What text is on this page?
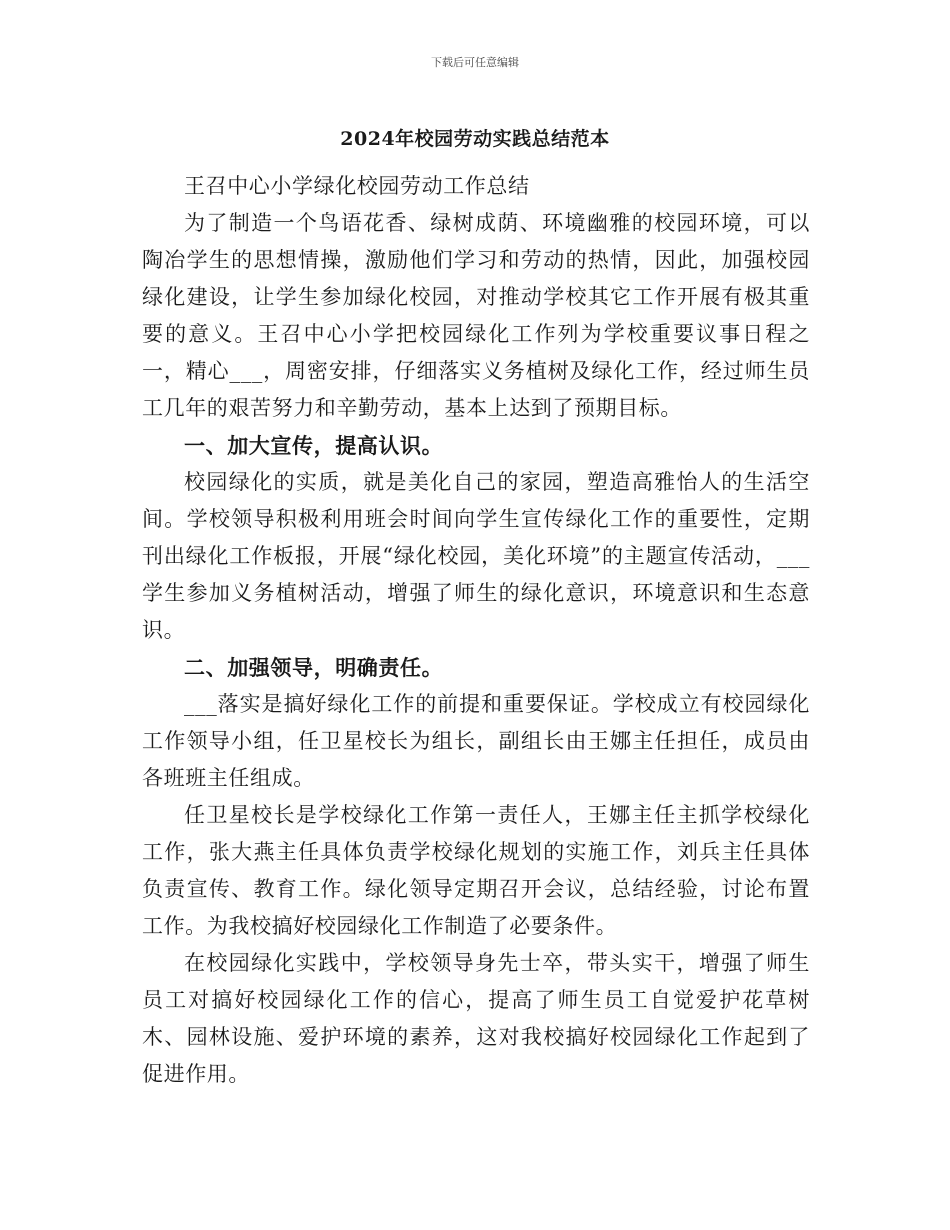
下载后可任意编辑
2024年校园劳动实践总结范本

王召中心小学绿化校园劳动工作总结

为了制造一个鸟语花香、绿树成荫、环境幽雅的校园环境，可以陶冶学生的思想情操，激励他们学习和劳动的热情，因此，加强校园绿化建设，让学生参加绿化校园，对推动学校其它工作开展有极其重要的意义。王召中心小学把校园绿化工作列为学校重要议事日程之一，精心___，周密安排，仔细落实义务植树及绿化工作，经过师生员工几年的艰苦努力和辛勤劳动，基本上达到了预期目标。

一、加大宣传，提高认识。

校园绿化的实质，就是美化自己的家园，塑造高雅怡人的生活空间。学校领导积极利用班会时间向学生宣传绿化工作的重要性，定期刊出绿化工作板报，开展“绿化校园，美化环境”的主题宣传活动，___学生参加义务植树活动，增强了师生的绿化意识，环境意识和生态意识。

二、加强领导，明确责任。

___落实是搞好绿化工作的前提和重要保证。学校成立有校园绿化工作领导小组，任卫星校长为组长，副组长由王娜主任担任，成员由各班班主任组成。

任卫星校长是学校绿化工作第一责任人，王娜主任主抓学校绿化工作，张大燕主任具体负责学校绿化规划的实施工作，刘兵主任具体负责宣传、教育工作。绿化领导定期召开会议，总结经验，讨论布置工作。为我校搞好校园绿化工作制造了必要条件。

在校园绿化实践中，学校领导身先士卒，带头实干，增强了师生员工对搞好校园绿化工作的信心，提高了师生员工自觉爱护花草树木、园林设施、爱护环境的素养，这对我校搞好校园绿化工作起到了促进作用。
